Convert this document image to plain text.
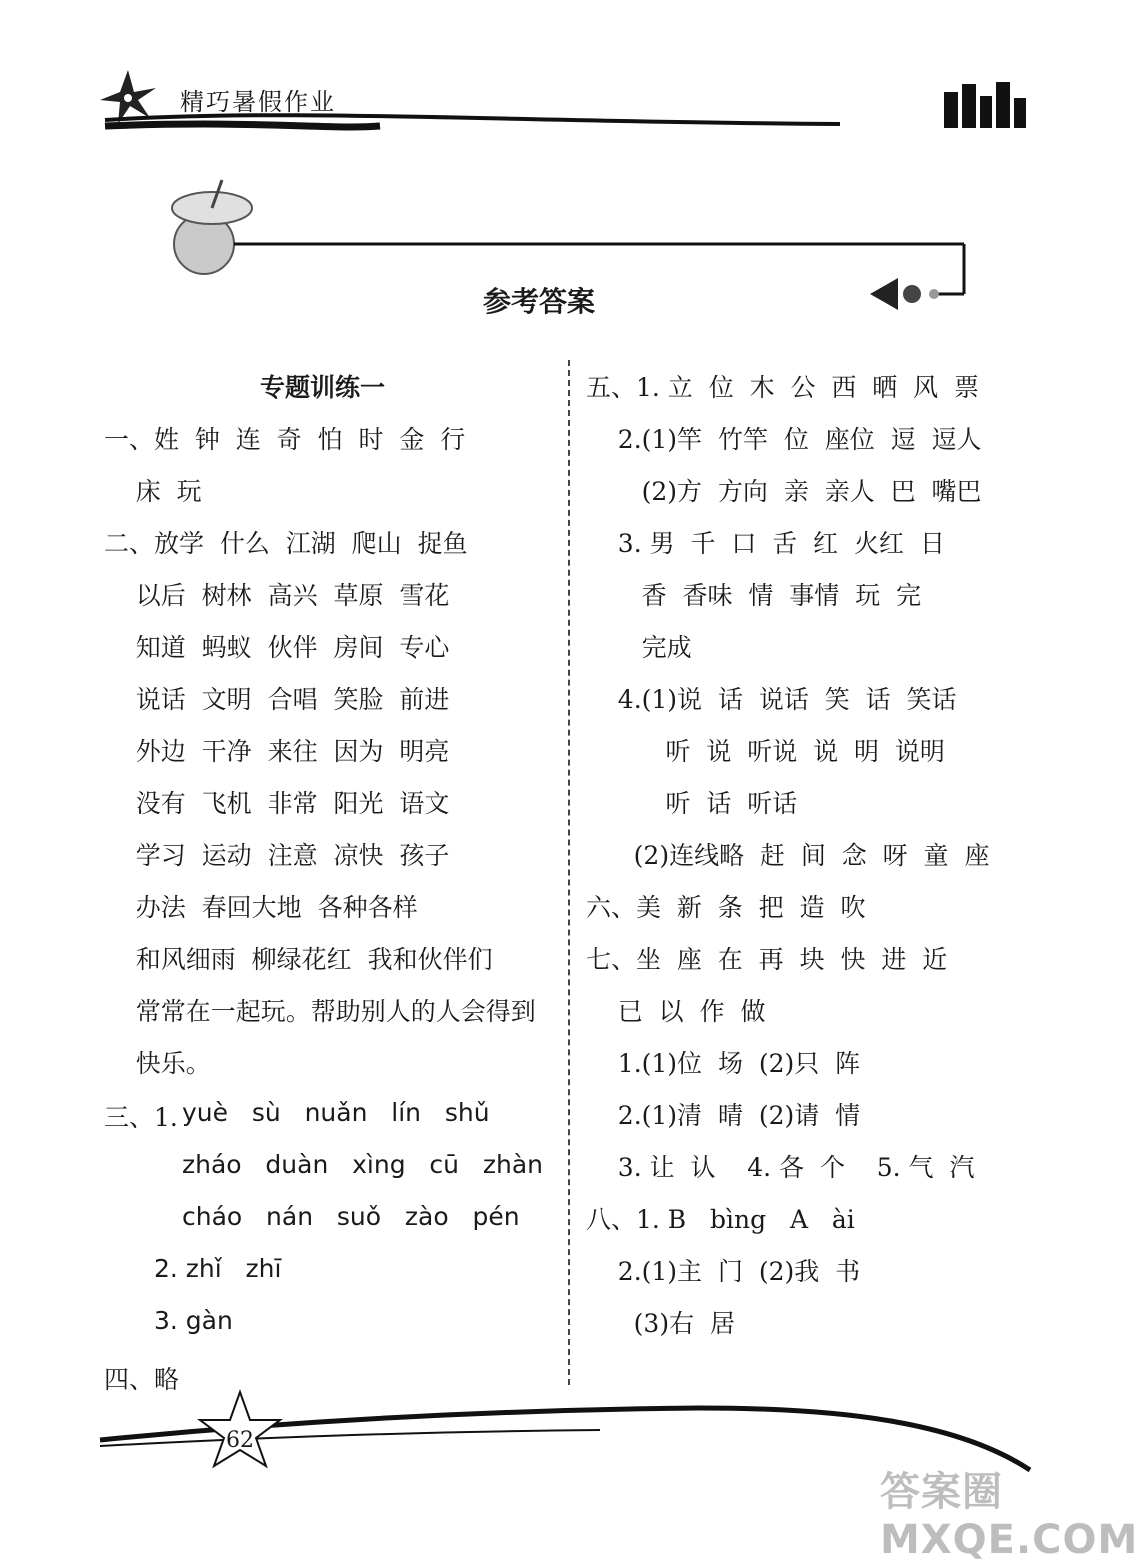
精巧暑假作业
参考答案
专题训练一
一、姓  钟  连  奇  怕  时  金  行
床  玩
二、放学  什么  江湖  爬山  捉鱼
以后  树林  高兴  草原  雪花
知道  蚂蚁  伙伴  房间  专心
说话  文明  合唱  笑脸  前进
外边  干净  来往  因为  明亮
没有  飞机  非常  阳光  语文
学习  运动  注意  凉快  孩子
办法  春回大地  各种各样
和风细雨  柳绿花红  我和伙伴们
常常在一起玩。帮助别人的人会得到
快乐。
三、1. yuè   sù   nuǎn   lín   shǔ
zháo   duàn   xìng   cū   zhàn
cháo   nán   suǒ   zào   pén
2. zhǐ   zhī
3. gàn
四、略
五、1. 立  位  木  公  西  晒  风  票
2.(1)竿  竹竿  位  座位  逗  逗人
(2)方  方向  亲  亲人  巴  嘴巴
3. 男  千  口  舌  红  火红  日
香  香味  情  事情  玩  完
完成
4.(1)说  话  说话  笑  话  笑话
听  说  听说  说  明  说明
听  话  听话
(2)连线略  赶  间  念  呀  童  座
六、美  新  条  把  造  吹
七、坐  座  在  再  块  快  进  近
已  以  作  做
1.(1)位  场  (2)只  阵
2.(1)清  晴  (2)请  情
3. 让  认    4. 各  个    5. 气  汽
八、1. B   bìng   A   ài
2.(1)主  门  (2)我  书
(3)右  居
62
答案圈 MXQE.COM
